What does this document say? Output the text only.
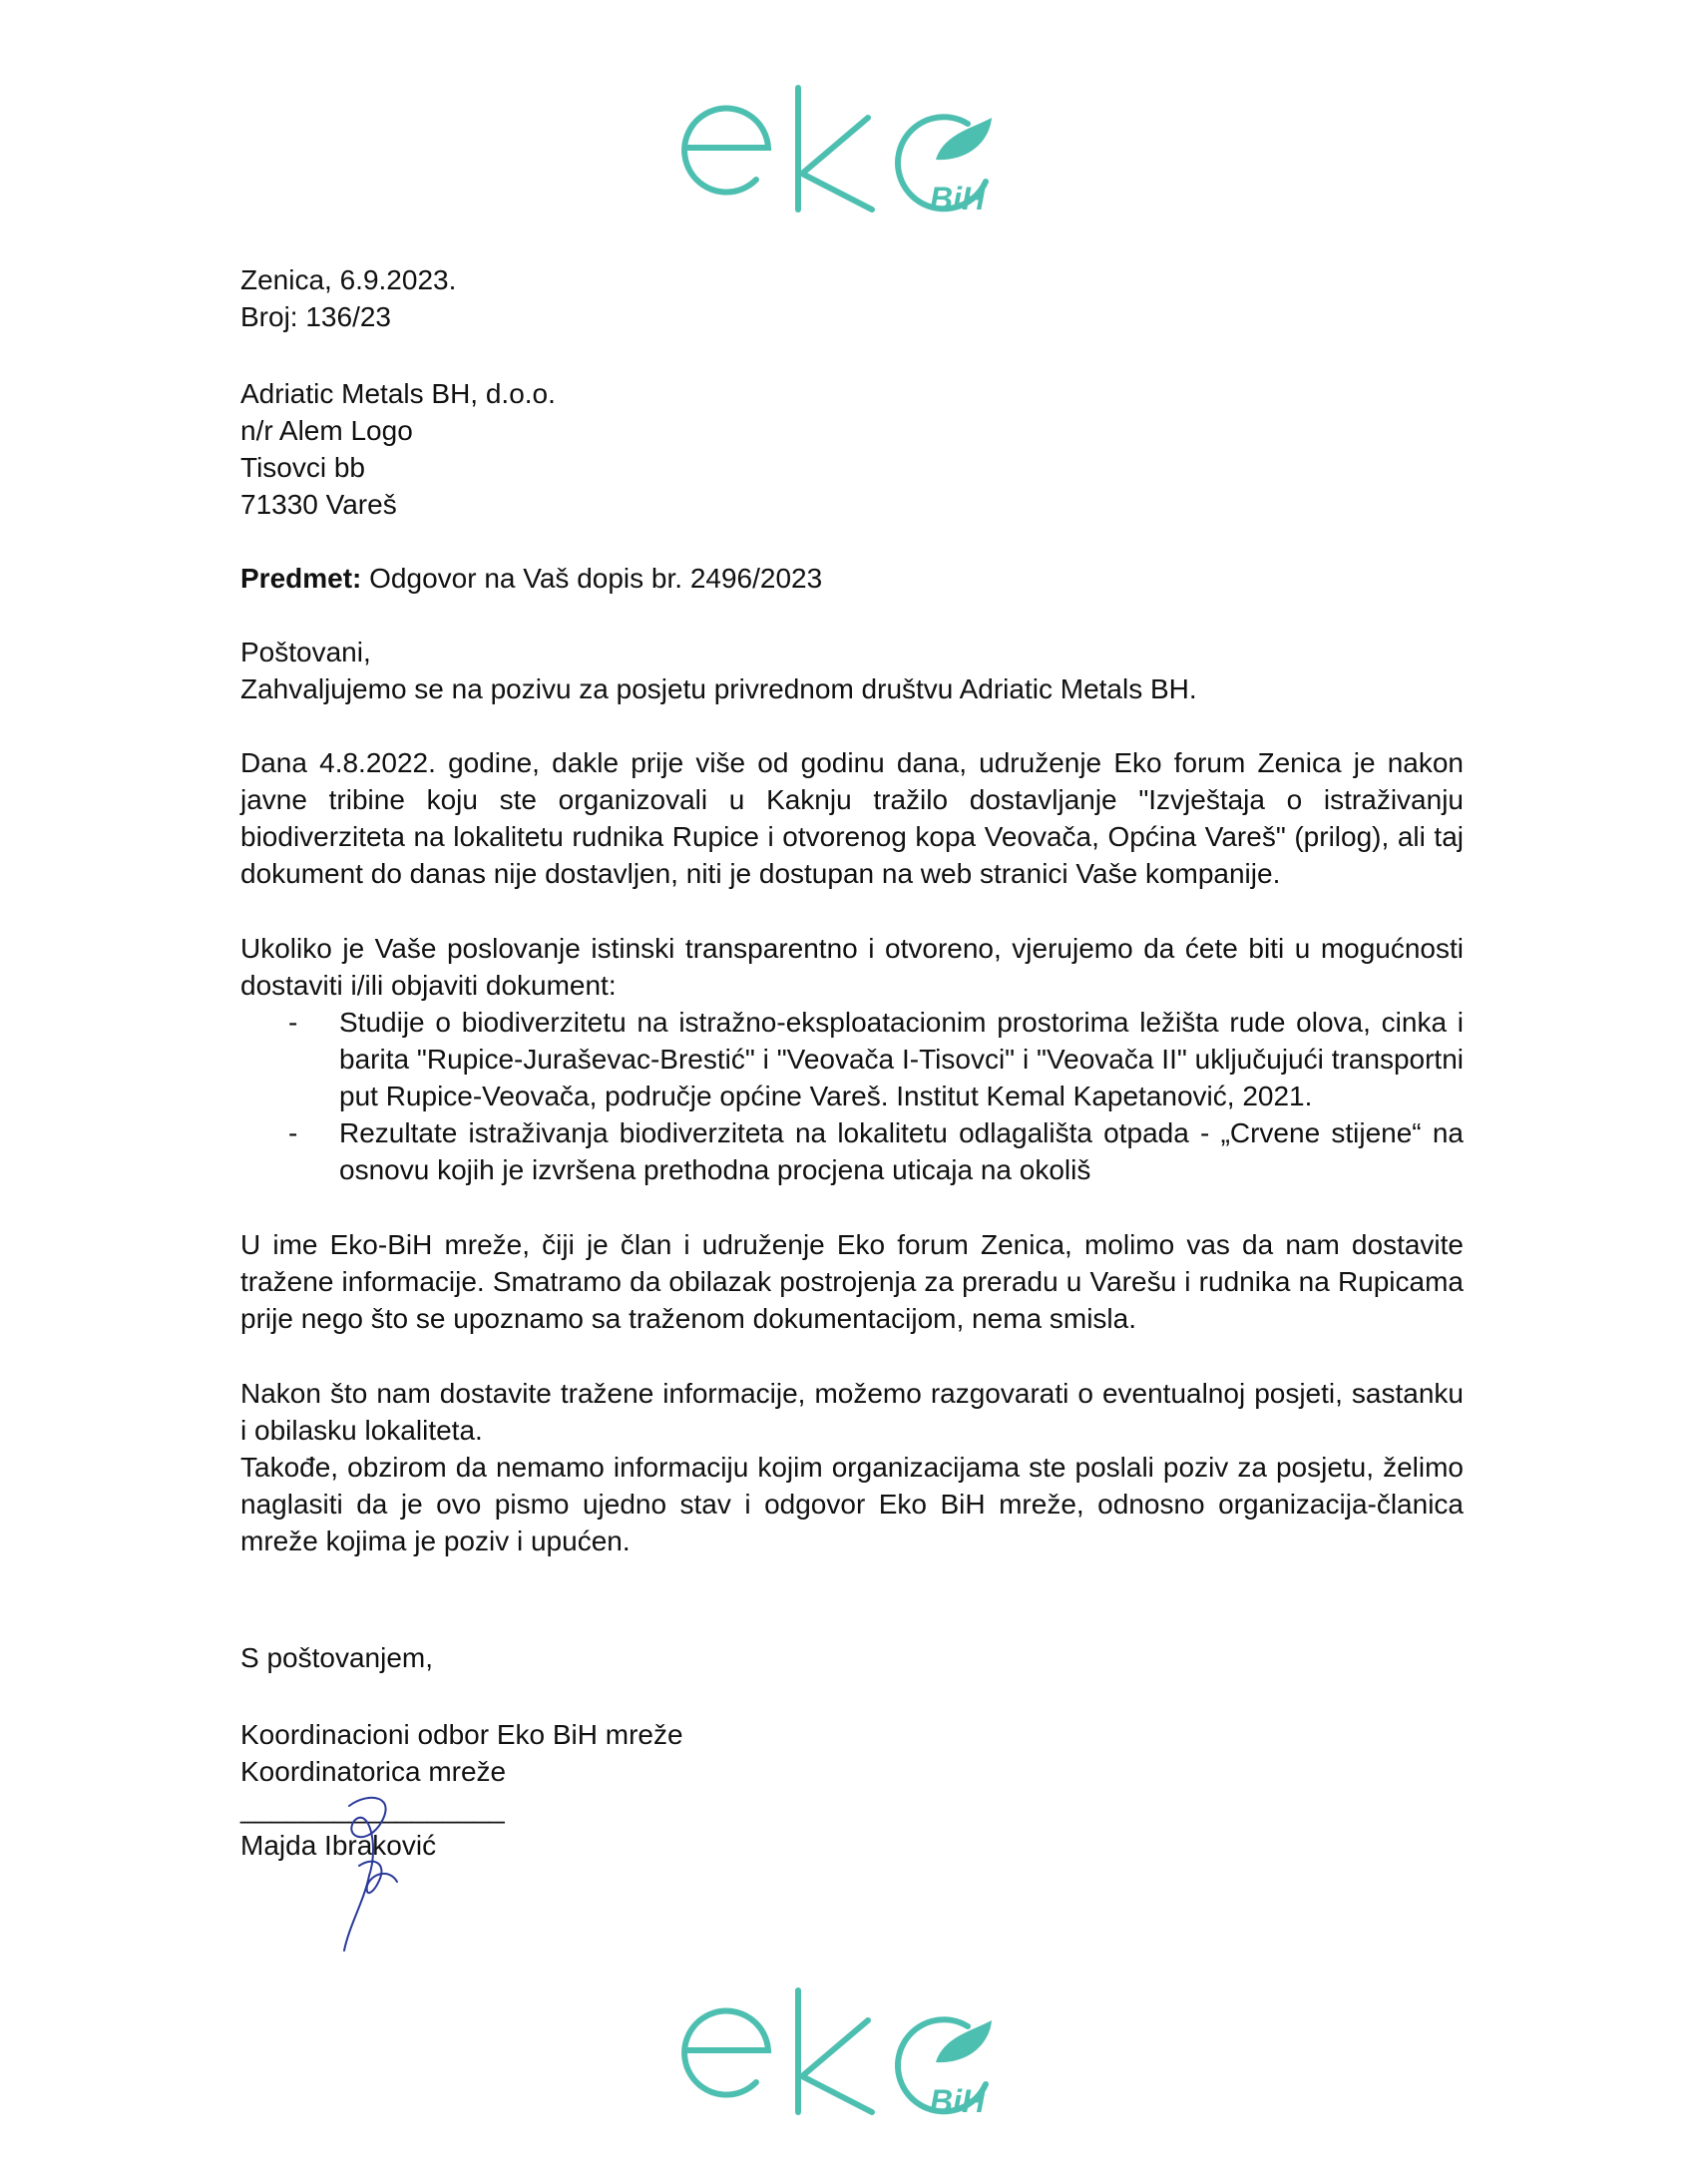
BiH
Zenica, 6.9.2023.
Broj: 136/23
Adriatic Metals BH, d.o.o.
n/r Alem Logo
Tisovci bb
71330 Vareš
Predmet: Odgovor na Vaš dopis br. 2496/2023
Poštovani,
Zahvaljujemo se na pozivu za posjetu privrednom društvu Adriatic Metals BH.

Dana 4.8.2022. godine, dakle prije više od godinu dana, udruženje Eko forum Zenica je nakon javne tribine koju ste organizovali u Kaknju tražilo dostavljanje "Izvještaja o istraživanju biodiverziteta na lokalitetu rudnika Rupice i otvorenog kopa Veovača, Općina Vareš" (prilog), ali taj dokument do danas nije dostavljen, niti je dostupan na web stranici Vaše kompanije.

Ukoliko je Vaše poslovanje istinski transparentno i otvoreno, vjerujemo da ćete biti u mogućnosti dostaviti i/ili objaviti dokument:

- Studije o biodiverzitetu na istražno-eksploatacionim prostorima ležišta rude olova, cinka i barita "Rupice-Juraševac-Brestić" i "Veovača I-Tisovci" i "Veovača II" uključujući transportni put Rupice-Veovača, područje općine Vareš. Institut Kemal Kapetanović, 2021.
- Rezultate istraživanja biodiverziteta na lokalitetu odlagališta otpada - „Crvene stijene“ na osnovu kojih je izvršena prethodna procjena uticaja na okoliš

U ime Eko-BiH mreže, čiji je član i udruženje Eko forum Zenica, molimo vas da nam dostavite tražene informacije. Smatramo da obilazak postrojenja za preradu u Varešu i rudnika na Rupicama prije nego što se upoznamo sa traženom dokumentacijom, nema smisla.

Nakon što nam dostavite tražene informacije, možemo razgovarati o eventualnoj posjeti, sastanku i obilasku lokaliteta.

Takođe, obzirom da nemamo informaciju kojim organizacijama ste poslali poziv za posjetu, želimo naglasiti da je ovo pismo ujedno stav i odgovor Eko BiH mreže, odnosno organizacija-članica mreže kojima je poziv i upućen.

S poštovanjem,
Koordinacioni odbor Eko BiH mreže
Koordinatorica mreže
_________________
Majda Ibraković
BiH
